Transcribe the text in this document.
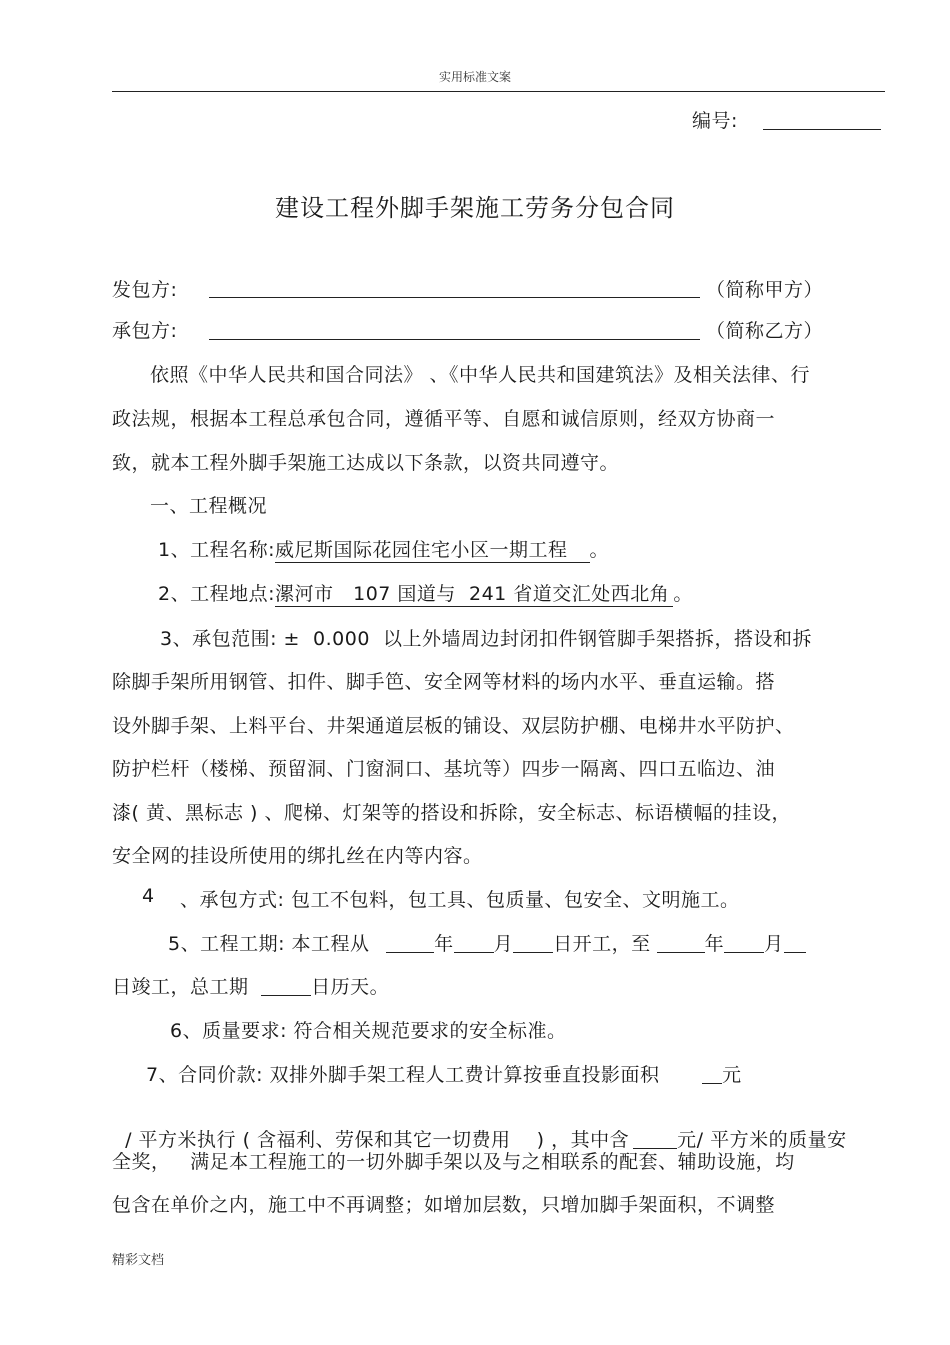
实用标准文案
编号:
建设工程外脚手架施工劳务分包合同
发包方:	（简称甲方）
承包方:	（简称乙方）
依照《中华人民共和国合同法》 、《中华人民共和国建筑法》及相关法律、行
政法规，根据本工程总承包合同，遵循平等、自愿和诚信原则，经双方协商一
致，就本工程外脚手架施工达成以下条款，以资共同遵守。
一、工程概况
1、工程名称:威尼斯国际花园住宅小区一期工程 。
2、工程地点:漯河市   107 国道与  241 省道交汇处西北角 。
3、承包范围: ±  0.000  以上外墙周边封闭扣件钢管脚手架搭拆，搭设和拆
除脚手架所用钢管、扣件、脚手笆、安全网等材料的场内水平、垂直运输。搭
设外脚手架、上料平台、井架通道层板的铺设、双层防护棚、电梯井水平防护、
防护栏杆（楼梯、预留洞、门窗洞口、基坑等）四步一隔离、四口五临边、油
漆( 黄、黑标志 ) 、爬梯、灯架等的搭设和拆除，安全标志、标语横幅的挂设，
安全网的挂设所使用的绑扎丝在内等内容。
4 、承包方式: 包工不包料，包工具、包质量、包安全、文明施工。
5、工程工期: 本工程从	年 月 日开工，至	年 月
日竣工，总工期	日历天。
6、质量要求: 符合相关规范要求的安全标准。
7、合同价款: 双排外脚手架工程人工费计算按垂直投影面积	元

/ 平方米执行 ( 含福利、劳保和其它一切费用    ) ，其中含	元/ 平方米的质量安

全奖，   满足本工程施工的一切外脚手架以及与之相联系的配套、辅助设施，均
包含在单价之内，施工中不再调整；如增加层数，只增加脚手架面积，不调整
精彩文档
